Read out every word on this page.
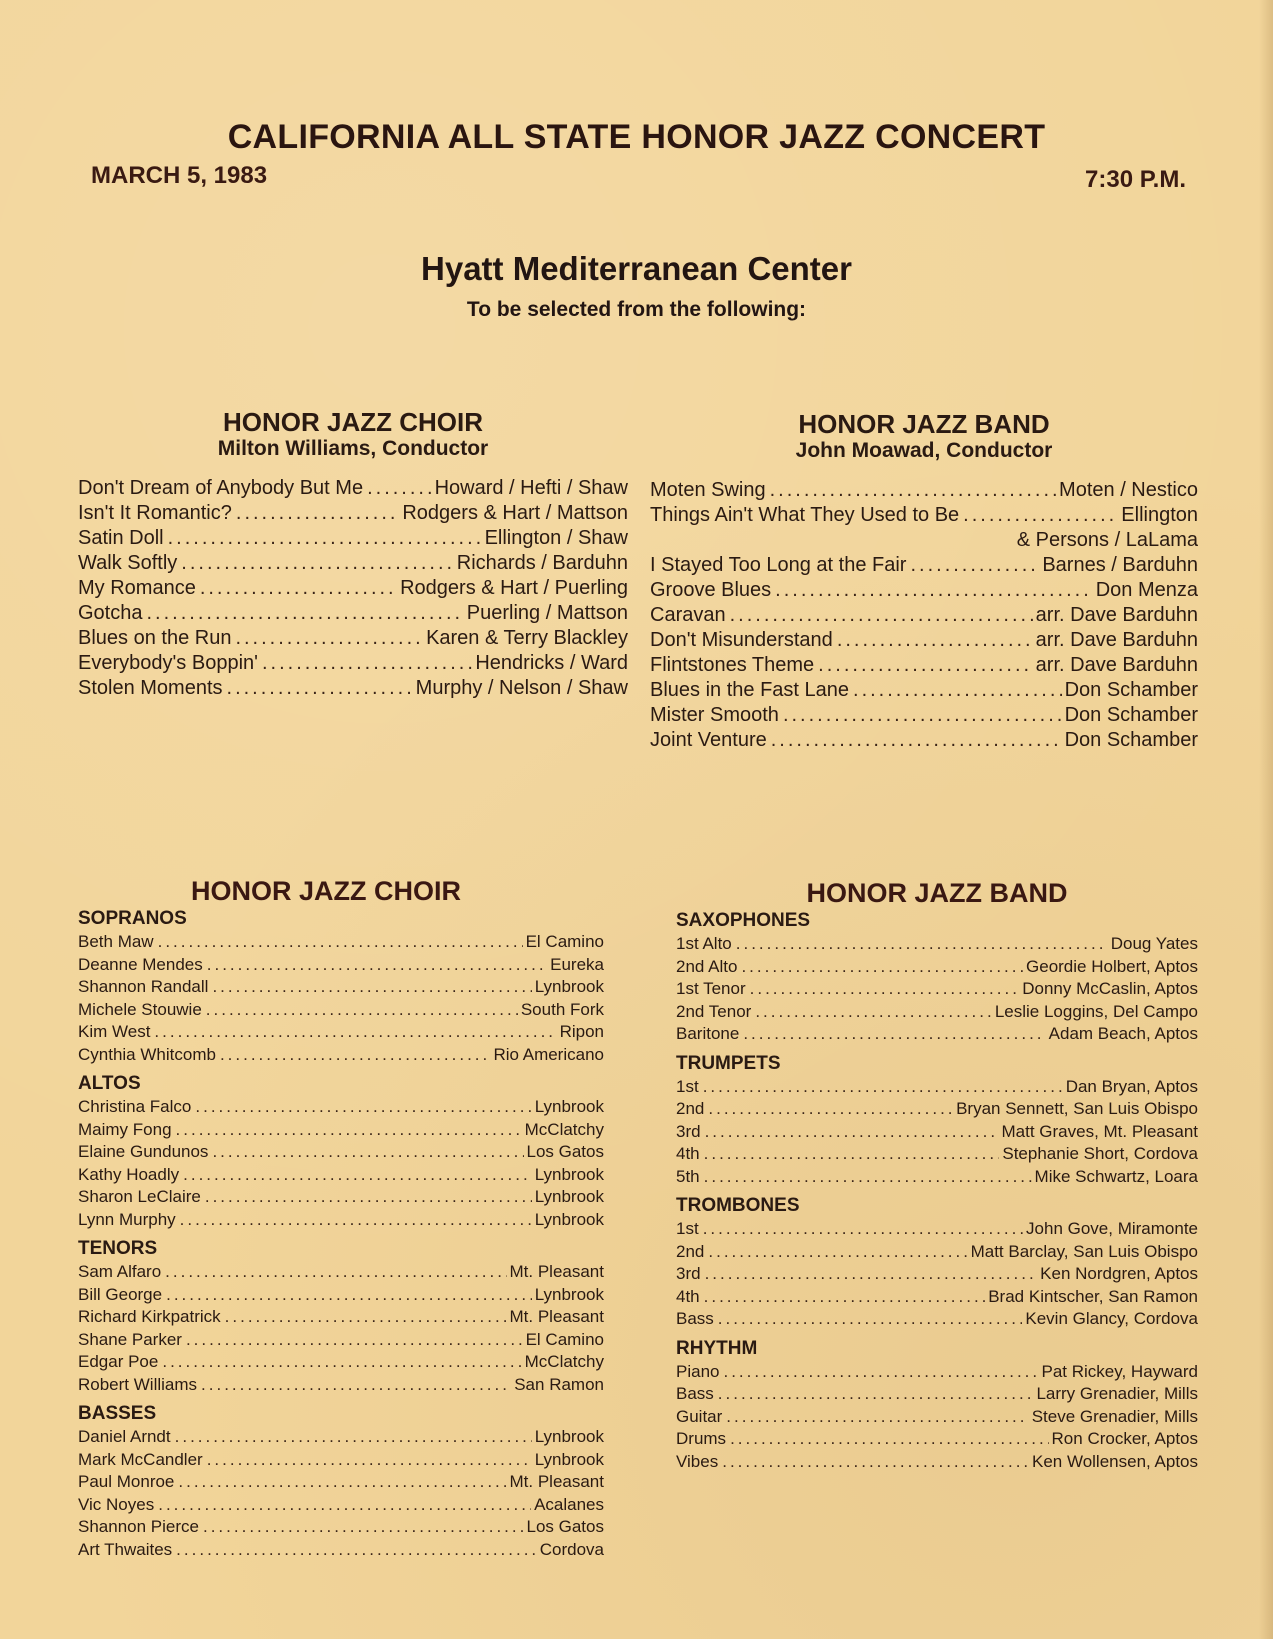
CALIFORNIA ALL STATE HONOR JAZZ CONCERT
MARCH 5, 1983	7:30 P.M.
Hyatt Mediterranean Center
To be selected from the following:
HONOR JAZZ CHOIR
Milton Williams, Conductor
Don't Dream of Anybody But Me .....	Howard / Hefti / Shaw
Isn't It Romantic? .....	Rodgers & Hart / Mattson
Satin Doll .....	Ellington / Shaw
Walk Softly .....	Richards / Barduhn
My Romance .....	Rodgers & Hart / Puerling
Gotcha .....	Puerling / Mattson
Blues on the Run .....	Karen & Terry Blackley
Everybody's Boppin' .....	Hendricks / Ward
Stolen Moments .....	Murphy / Nelson / Shaw
HONOR JAZZ BAND
John Moawad, Conductor
Moten Swing .....	Moten / Nestico
Things Ain't What They Used to Be .....	Ellington
& Persons / LaLama
I Stayed Too Long at the Fair .....	Barnes / Barduhn
Groove Blues .....	Don Menza
Caravan .....	arr. Dave Barduhn
Don't Misunderstand .....	arr. Dave Barduhn
Flintstones Theme .....	arr. Dave Barduhn
Blues in the Fast Lane .....	Don Schamber
Mister Smooth .....	Don Schamber
Joint Venture .....	Don Schamber
HONOR JAZZ CHOIR
SOPRANOS
Beth Maw .....	El Camino
Deanne Mendes .....	Eureka
Shannon Randall .....	Lynbrook
Michele Stouwie .....	South Fork
Kim West .....	Ripon
Cynthia Whitcomb .....	Rio Americano
ALTOS
Christina Falco .....	Lynbrook
Maimy Fong .....	McClatchy
Elaine Gundunos .....	Los Gatos
Kathy Hoadly .....	Lynbrook
Sharon LeClaire .....	Lynbrook
Lynn Murphy .....	Lynbrook
TENORS
Sam Alfaro .....	Mt. Pleasant
Bill George .....	Lynbrook
Richard Kirkpatrick .....	Mt. Pleasant
Shane Parker .....	El Camino
Edgar Poe .....	McClatchy
Robert Williams .....	San Ramon
BASSES
Daniel Arndt .....	Lynbrook
Mark McCandler .....	Lynbrook
Paul Monroe .....	Mt. Pleasant
Vic Noyes .....	Acalanes
Shannon Pierce .....	Los Gatos
Art Thwaites .....	Cordova
HONOR JAZZ BAND
SAXOPHONES
1st Alto .....	Doug Yates
2nd Alto .....	Geordie Holbert, Aptos
1st Tenor .....	Donny McCaslin, Aptos
2nd Tenor .....	Leslie Loggins, Del Campo
Baritone .....	Adam Beach, Aptos
TRUMPETS
1st .....	Dan Bryan, Aptos
2nd .....	Bryan Sennett, San Luis Obispo
3rd .....	Matt Graves, Mt. Pleasant
4th .....	Stephanie Short, Cordova
5th .....	Mike Schwartz, Loara
TROMBONES
1st .....	John Gove, Miramonte
2nd .....	Matt Barclay, San Luis Obispo
3rd .....	Ken Nordgren, Aptos
4th .....	Brad Kintscher, San Ramon
Bass .....	Kevin Glancy, Cordova
RHYTHM
Piano .....	Pat Rickey, Hayward
Bass .....	Larry Grenadier, Mills
Guitar .....	Steve Grenadier, Mills
Drums .....	Ron Crocker, Aptos
Vibes .....	Ken Wollensen, Aptos
